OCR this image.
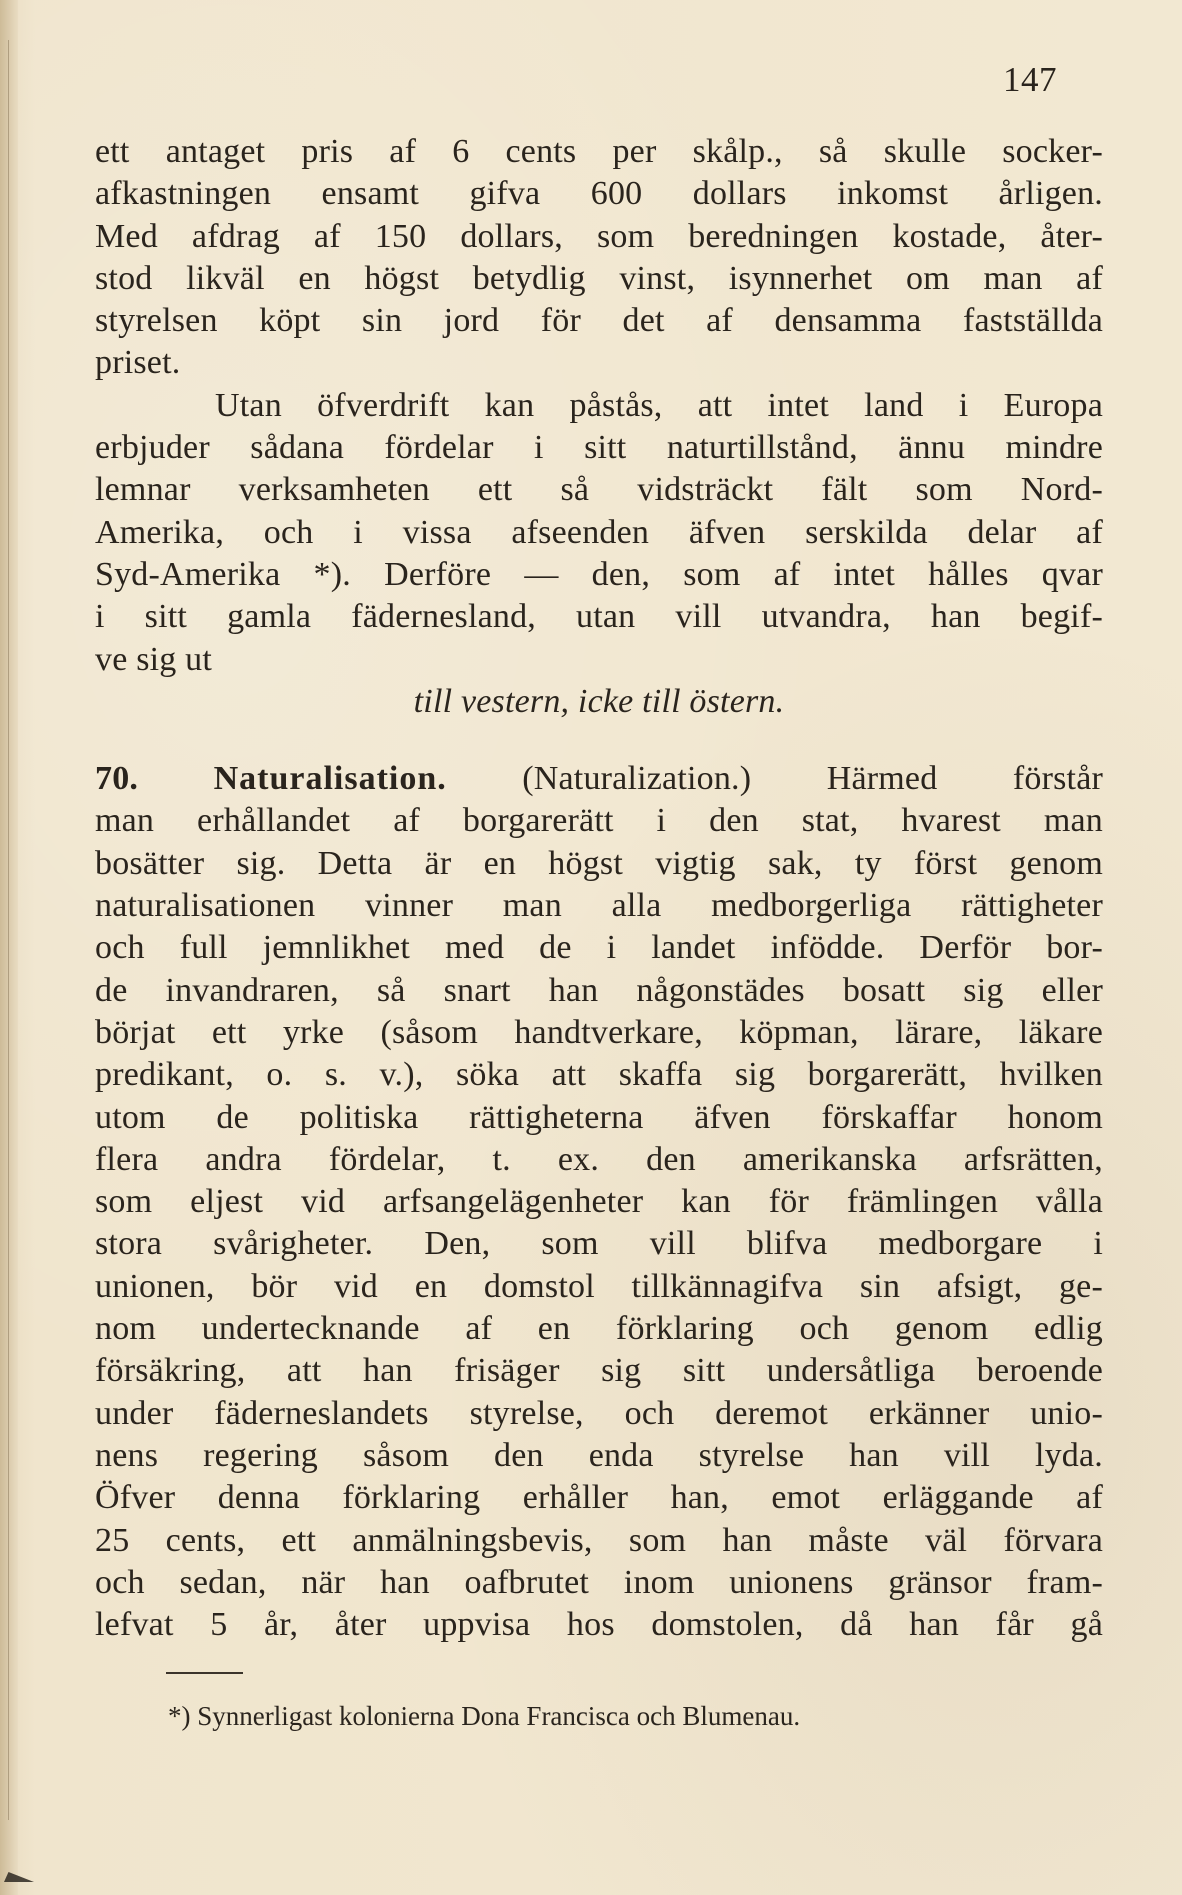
147
ett antaget pris af 6 cents per skålp., så skulle socker-
afkastningen ensamt gifva 600 dollars inkomst årligen.
Med afdrag af 150 dollars, som beredningen kostade, åter-
stod likväl en högst betydlig vinst, isynnerhet om man af
styrelsen köpt sin jord för det af densamma fastställda
priset.
Utan öfverdrift kan påstås, att intet land i Europa
erbjuder sådana fördelar i sitt naturtillstånd, ännu mindre
lemnar verksamheten ett så vidsträckt fält som Nord-
Amerika, och i vissa afseenden äfven serskilda delar af
Syd-Amerika *). Derföre — den, som af intet hålles qvar
i sitt gamla fädernesland, utan vill utvandra, han begif-
ve sig ut
till vestern, icke till östern.
70. Naturalisation. (Naturalization.) Härmed förstår
man erhållandet af borgarerätt i den stat, hvarest man
bosätter sig. Detta är en högst vigtig sak, ty först genom
naturalisationen vinner man alla medborgerliga rättigheter
och full jemnlikhet med de i landet infödde. Derför bor-
de invandraren, så snart han någonstädes bosatt sig eller
börjat ett yrke (såsom handtverkare, köpman, lärare, läkare
predikant, o. s. v.), söka att skaffa sig borgarerätt, hvilken
utom de politiska rättigheterna äfven förskaffar honom
flera andra fördelar, t. ex. den amerikanska arfsrätten,
som eljest vid arfsangelägenheter kan för främlingen vålla
stora svårigheter. Den, som vill blifva medborgare i
unionen, bör vid en domstol tillkännagifva sin afsigt, ge-
nom undertecknande af en förklaring och genom edlig
försäkring, att han frisäger sig sitt undersåtliga beroende
under fäderneslandets styrelse, och deremot erkänner unio-
nens regering såsom den enda styrelse han vill lyda.
Öfver denna förklaring erhåller han, emot erläggande af
25 cents, ett anmälningsbevis, som han måste väl förvara
och sedan, när han oafbrutet inom unionens gränsor fram-
lefvat 5 år, åter uppvisa hos domstolen, då han får gå
*) Synnerligast kolonierna Dona Francisca och Blumenau.
